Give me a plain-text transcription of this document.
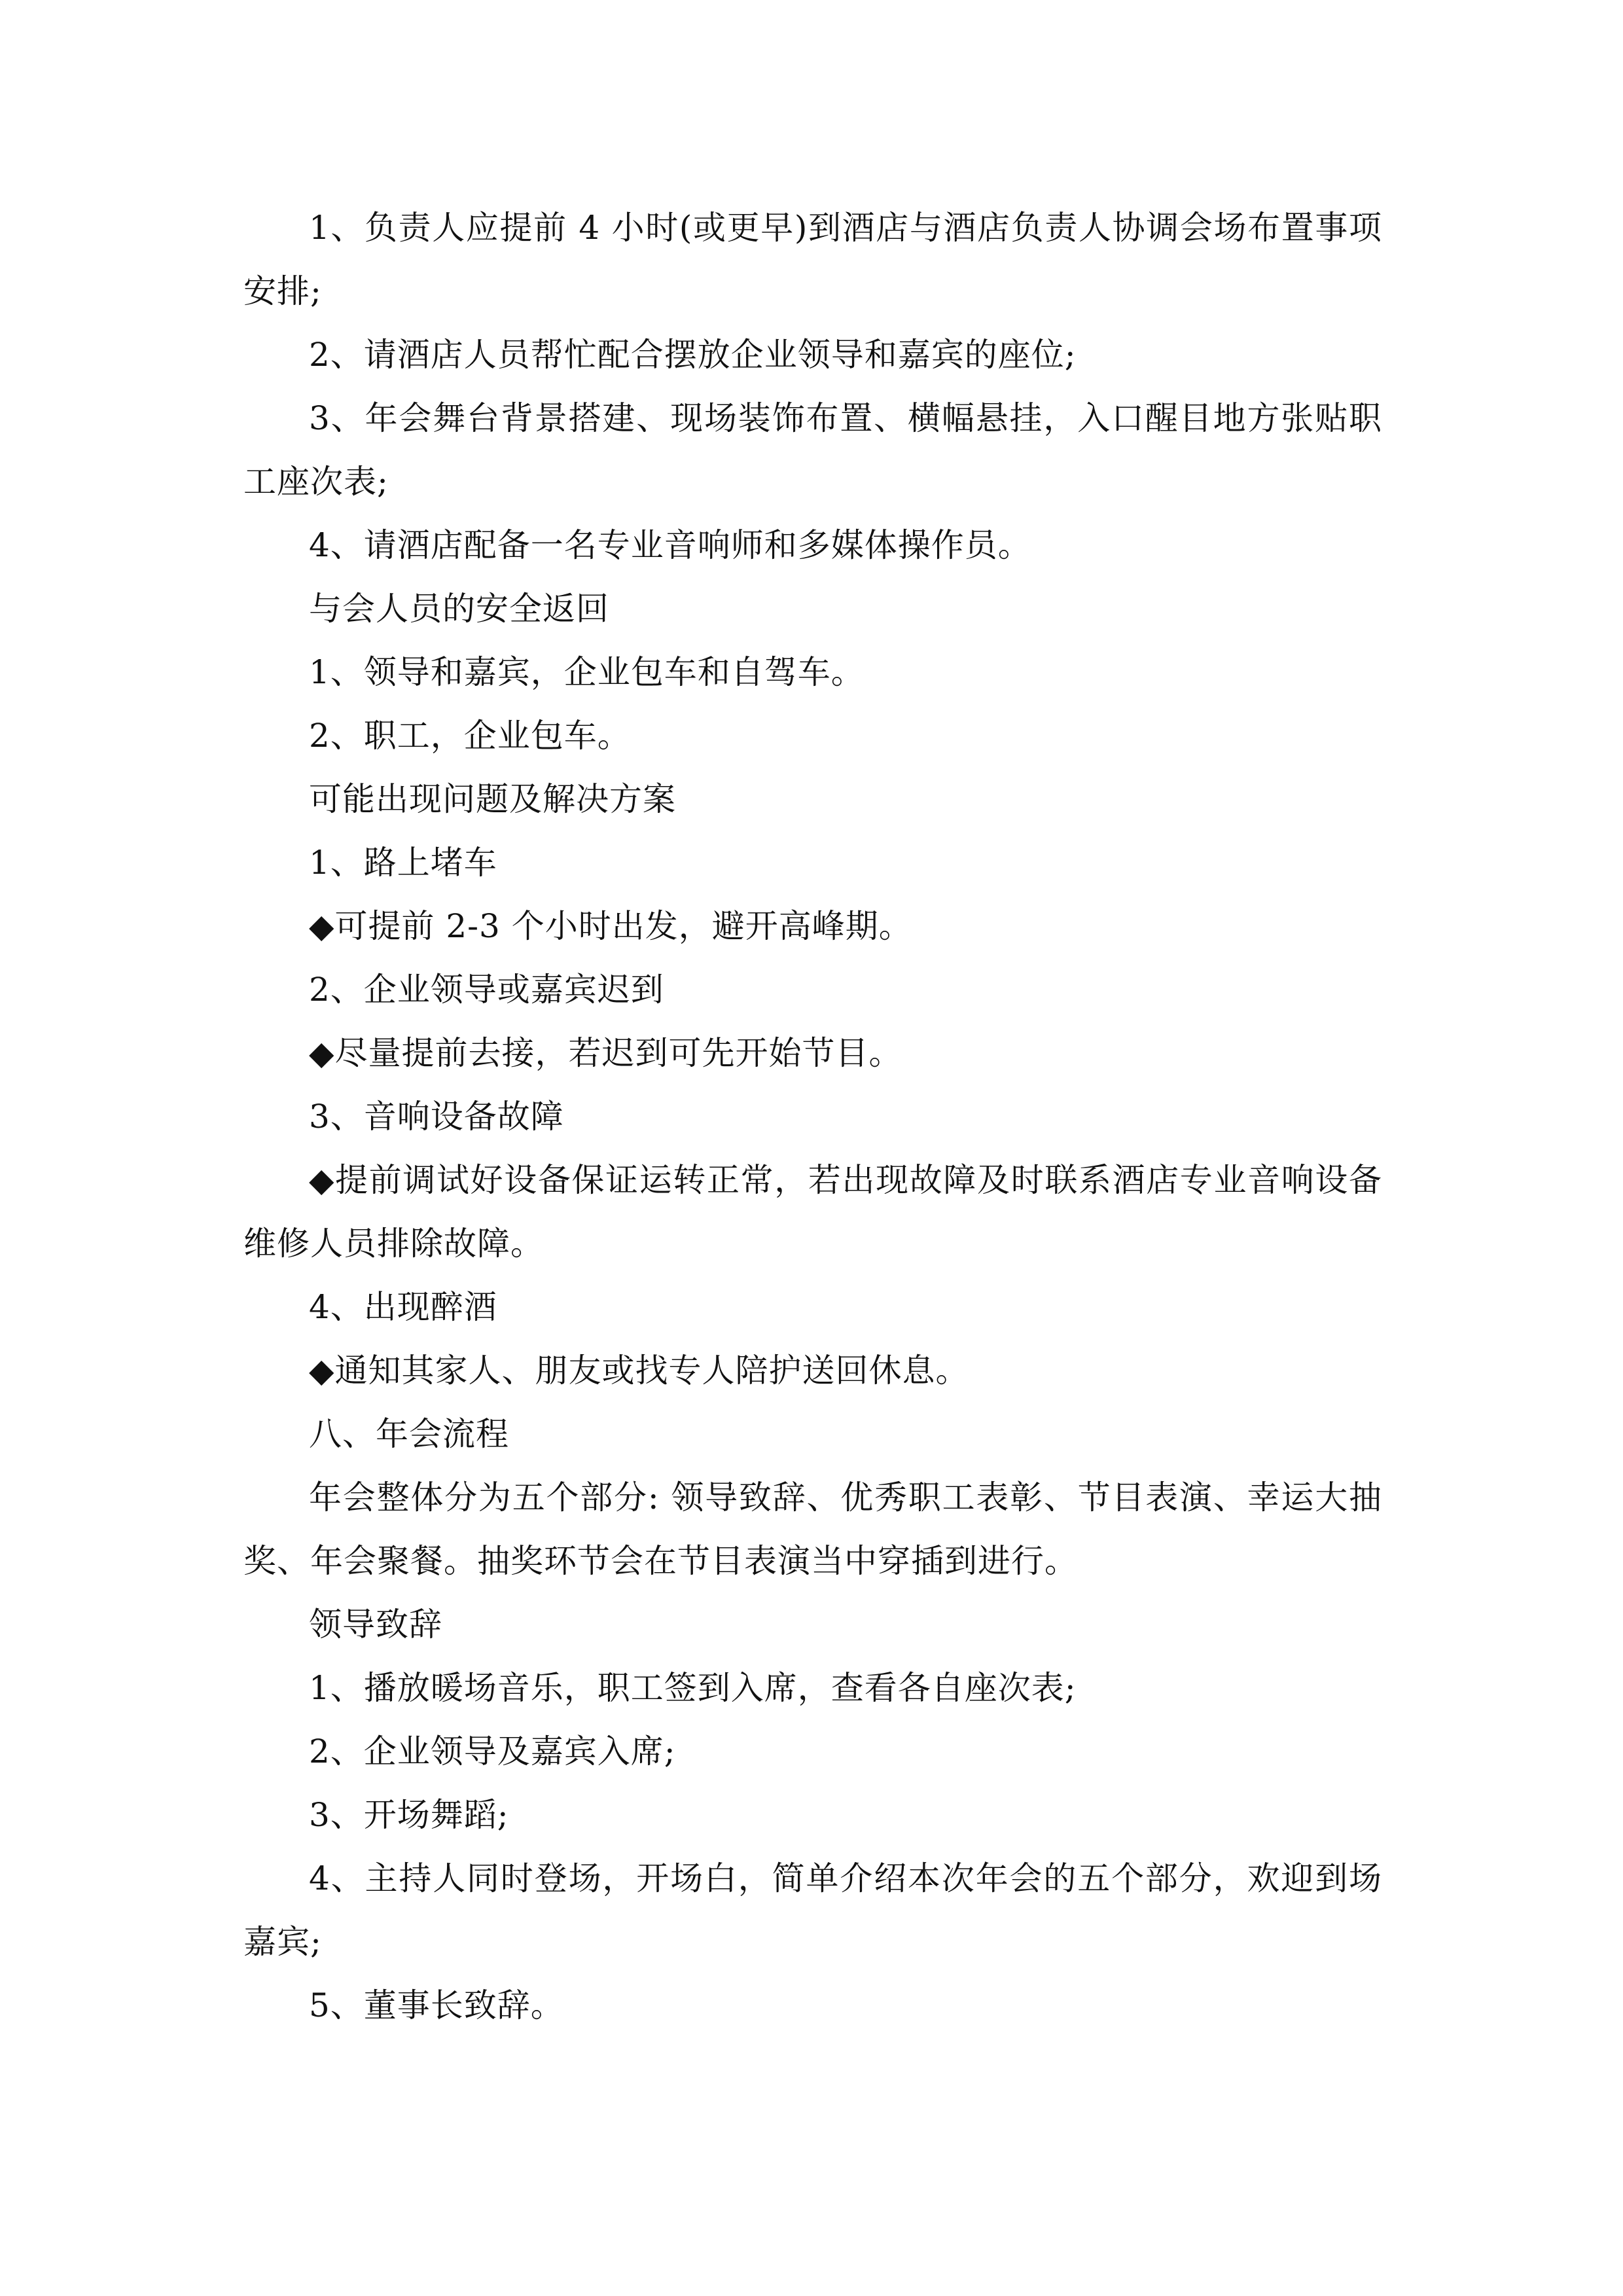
1、负责人应提前 4 小时(或更早)到酒店与酒店负责人协调会场布置事项安排;

2、请酒店人员帮忙配合摆放企业领导和嘉宾的座位;

3、年会舞台背景搭建、现场装饰布置、横幅悬挂，入口醒目地方张贴职工座次表;

4、请酒店配备一名专业音响师和多媒体操作员。

与会人员的安全返回

1、领导和嘉宾，企业包车和自驾车。

2、职工，企业包车。

可能出现问题及解决方案

1、路上堵车

◆可提前 2-3 个小时出发，避开高峰期。

2、企业领导或嘉宾迟到

◆尽量提前去接，若迟到可先开始节目。

3、音响设备故障

◆提前调试好设备保证运转正常，若出现故障及时联系酒店专业音响设备维修人员排除故障。

4、出现醉酒

◆通知其家人、朋友或找专人陪护送回休息。

八、年会流程

年会整体分为五个部分: 领导致辞、优秀职工表彰、节目表演、幸运大抽奖、年会聚餐。抽奖环节会在节目表演当中穿插到进行。

领导致辞

1、播放暖场音乐，职工签到入席，查看各自座次表;

2、企业领导及嘉宾入席;

3、开场舞蹈;

4、主持人同时登场，开场白，简单介绍本次年会的五个部分，欢迎到场嘉宾;

5、董事长致辞。
